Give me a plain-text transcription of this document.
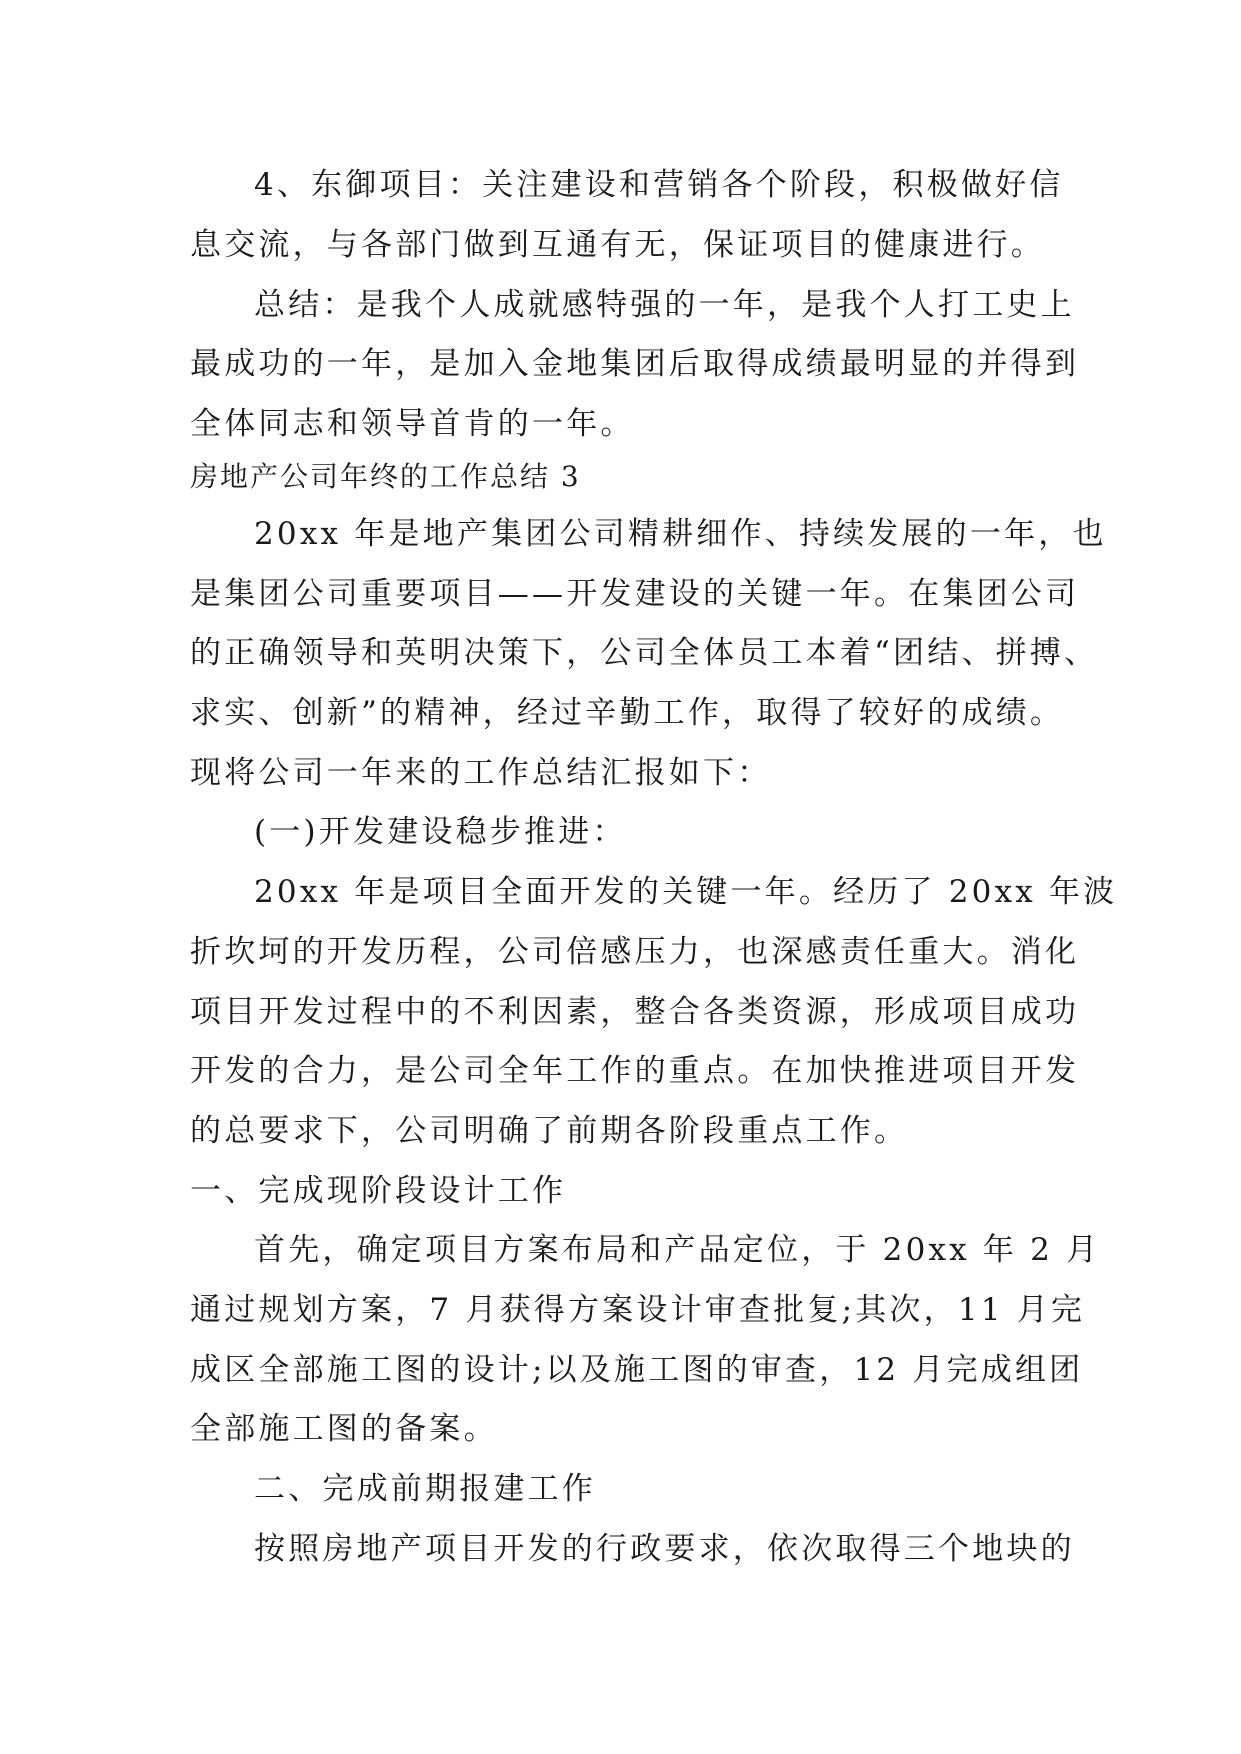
4、东御项目：关注建设和营销各个阶段，积极做好信

息交流，与各部门做到互通有无，保证项目的健康进行。

总结：是我个人成就感特强的一年，是我个人打工史上

最成功的一年，是加入金地集团后取得成绩最明显的并得到

全体同志和领导首肯的一年。

房地产公司年终的工作总结 3

20xx 年是地产集团公司精耕细作、持续发展的一年，也

是集团公司重要项目——开发建设的关键一年。在集团公司

的正确领导和英明决策下，公司全体员工本着“团结、拼搏、

求实、创新”的精神，经过辛勤工作，取得了较好的成绩。

现将公司一年来的工作总结汇报如下：

(一)开发建设稳步推进：

20xx 年是项目全面开发的关键一年。经历了 20xx 年波

折坎坷的开发历程，公司倍感压力，也深感责任重大。消化

项目开发过程中的不利因素，整合各类资源，形成项目成功

开发的合力，是公司全年工作的重点。在加快推进项目开发

的总要求下，公司明确了前期各阶段重点工作。

一、完成现阶段设计工作

首先，确定项目方案布局和产品定位，于 20xx 年 2 月

通过规划方案，7 月获得方案设计审查批复;其次，11 月完

成区全部施工图的设计;以及施工图的审查，12 月完成组团

全部施工图的备案。

二、完成前期报建工作

按照房地产项目开发的行政要求，依次取得三个地块的
